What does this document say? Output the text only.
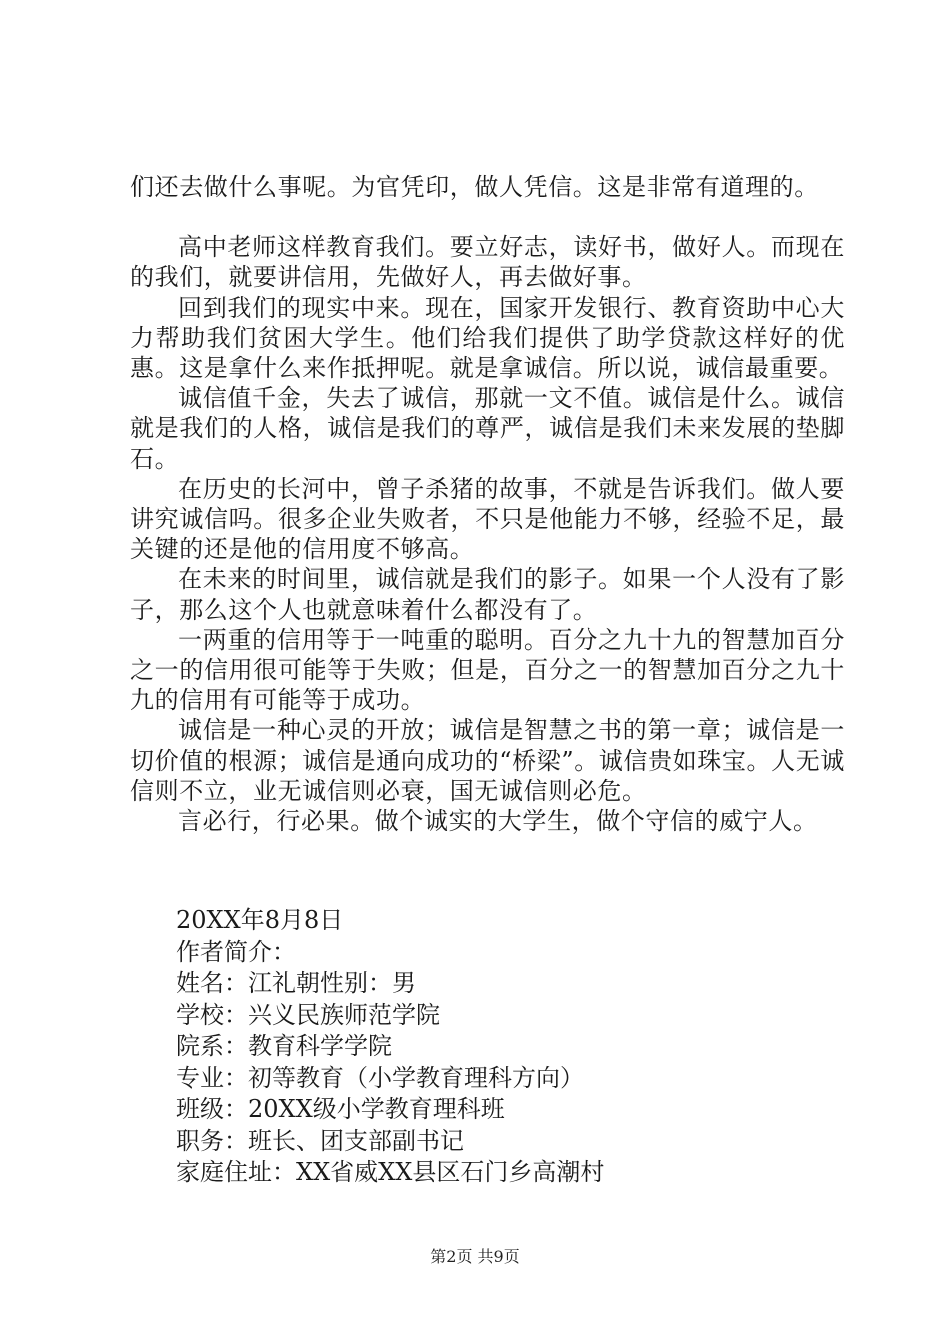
们还去做什么事呢。为官凭印，做人凭信。这是非常有道理的。

高中老师这样教育我们。要立好志，读好书，做好人。而现在的我们，就要讲信用，先做好人，再去做好事。

回到我们的现实中来。现在，国家开发银行、教育资助中心大力帮助我们贫困大学生。他们给我们提供了助学贷款这样好的优惠。这是拿什么来作抵押呢。就是拿诚信。所以说，诚信最重要。

诚信值千金，失去了诚信，那就一文不值。诚信是什么。诚信就是我们的人格，诚信是我们的尊严，诚信是我们未来发展的垫脚石。

在历史的长河中，曾子杀猪的故事，不就是告诉我们。做人要讲究诚信吗。很多企业失败者，不只是他能力不够，经验不足，最关键的还是他的信用度不够高。

在未来的时间里，诚信就是我们的影子。如果一个人没有了影子，那么这个人也就意味着什么都没有了。

一两重的信用等于一吨重的聪明。百分之九十九的智慧加百分之一的信用很可能等于失败；但是，百分之一的智慧加百分之九十九的信用有可能等于成功。

诚信是一种心灵的开放；诚信是智慧之书的第一章；诚信是一切价值的根源；诚信是通向成功的“桥梁”。诚信贵如珠宝。人无诚信则不立，业无诚信则必衰，国无诚信则必危。

言必行，行必果。做个诚实的大学生，做个守信的威宁人。

20XX年8月8日
作者简介：
姓名：江礼朝性别：男
学校：兴义民族师范学院
院系：教育科学学院
专业：初等教育（小学教育理科方向）
班级：20XX级小学教育理科班
职务：班长、团支部副书记
家庭住址：XX省威XX县区石门乡高潮村
第2页 共9页
